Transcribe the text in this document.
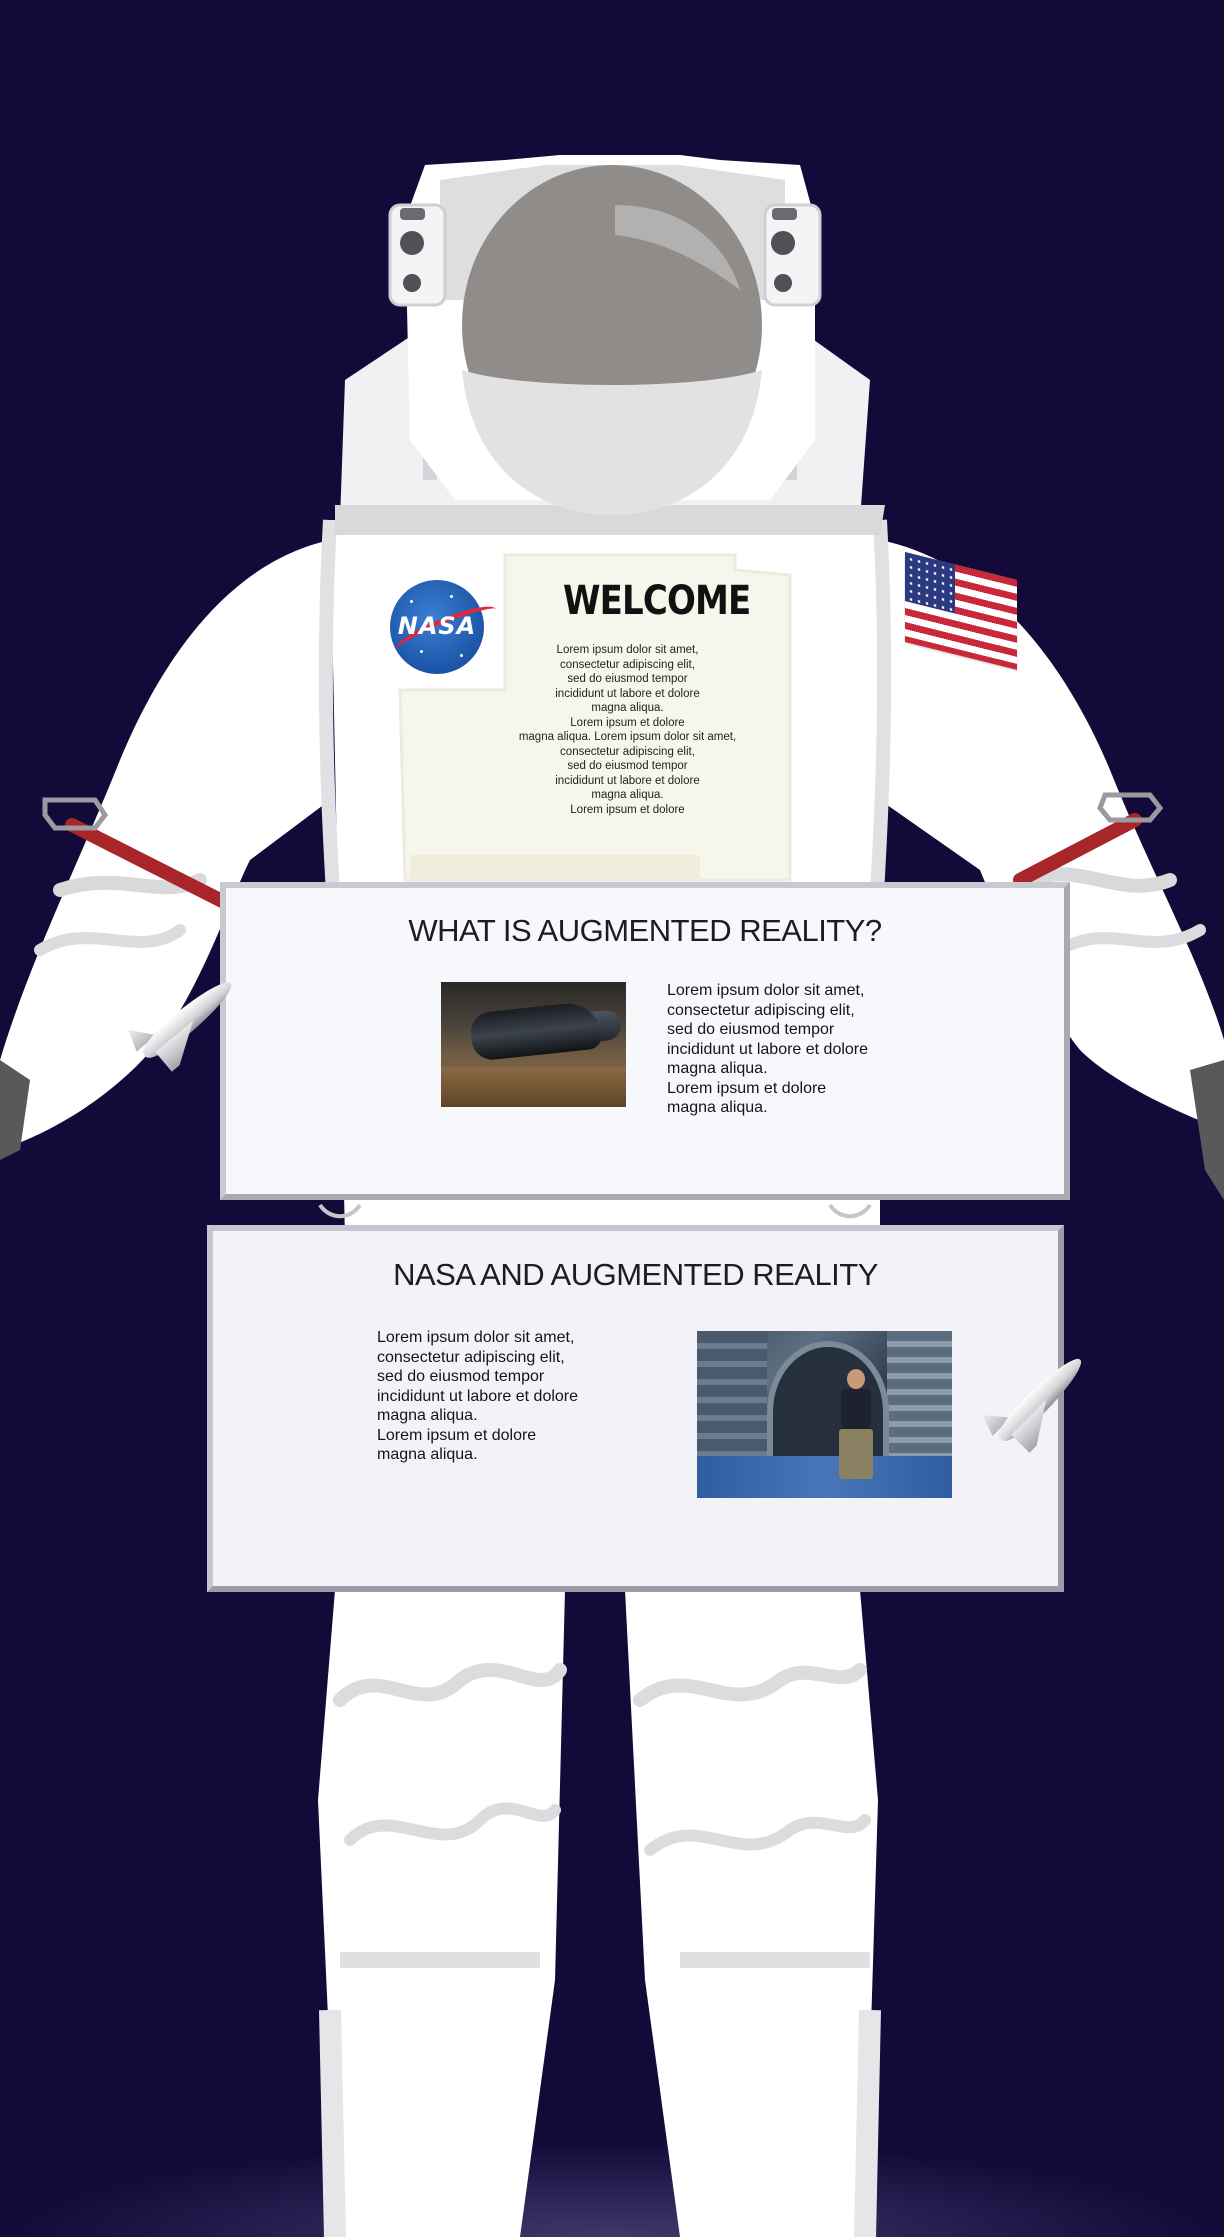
NASA
WELCOME
Lorem ipsum dolor sit amet,
consectetur adipiscing elit,
sed do eiusmod tempor
incididunt ut labore et dolore
magna aliqua.
Lorem ipsum et dolore
magna aliqua. Lorem ipsum dolor sit amet,
consectetur adipiscing elit,
sed do eiusmod tempor
incididunt ut labore et dolore
magna aliqua.
Lorem ipsum et dolore
WHAT IS AUGMENTED REALITY?
Lorem ipsum dolor sit amet,
consectetur adipiscing elit,
sed do eiusmod tempor
incididunt ut labore et dolore
magna aliqua.
Lorem ipsum et dolore
magna aliqua.
NASA AND AUGMENTED REALITY
Lorem ipsum dolor sit amet,
consectetur adipiscing elit,
sed do eiusmod tempor
incididunt ut labore et dolore
magna aliqua.
Lorem ipsum et dolore
magna aliqua.
